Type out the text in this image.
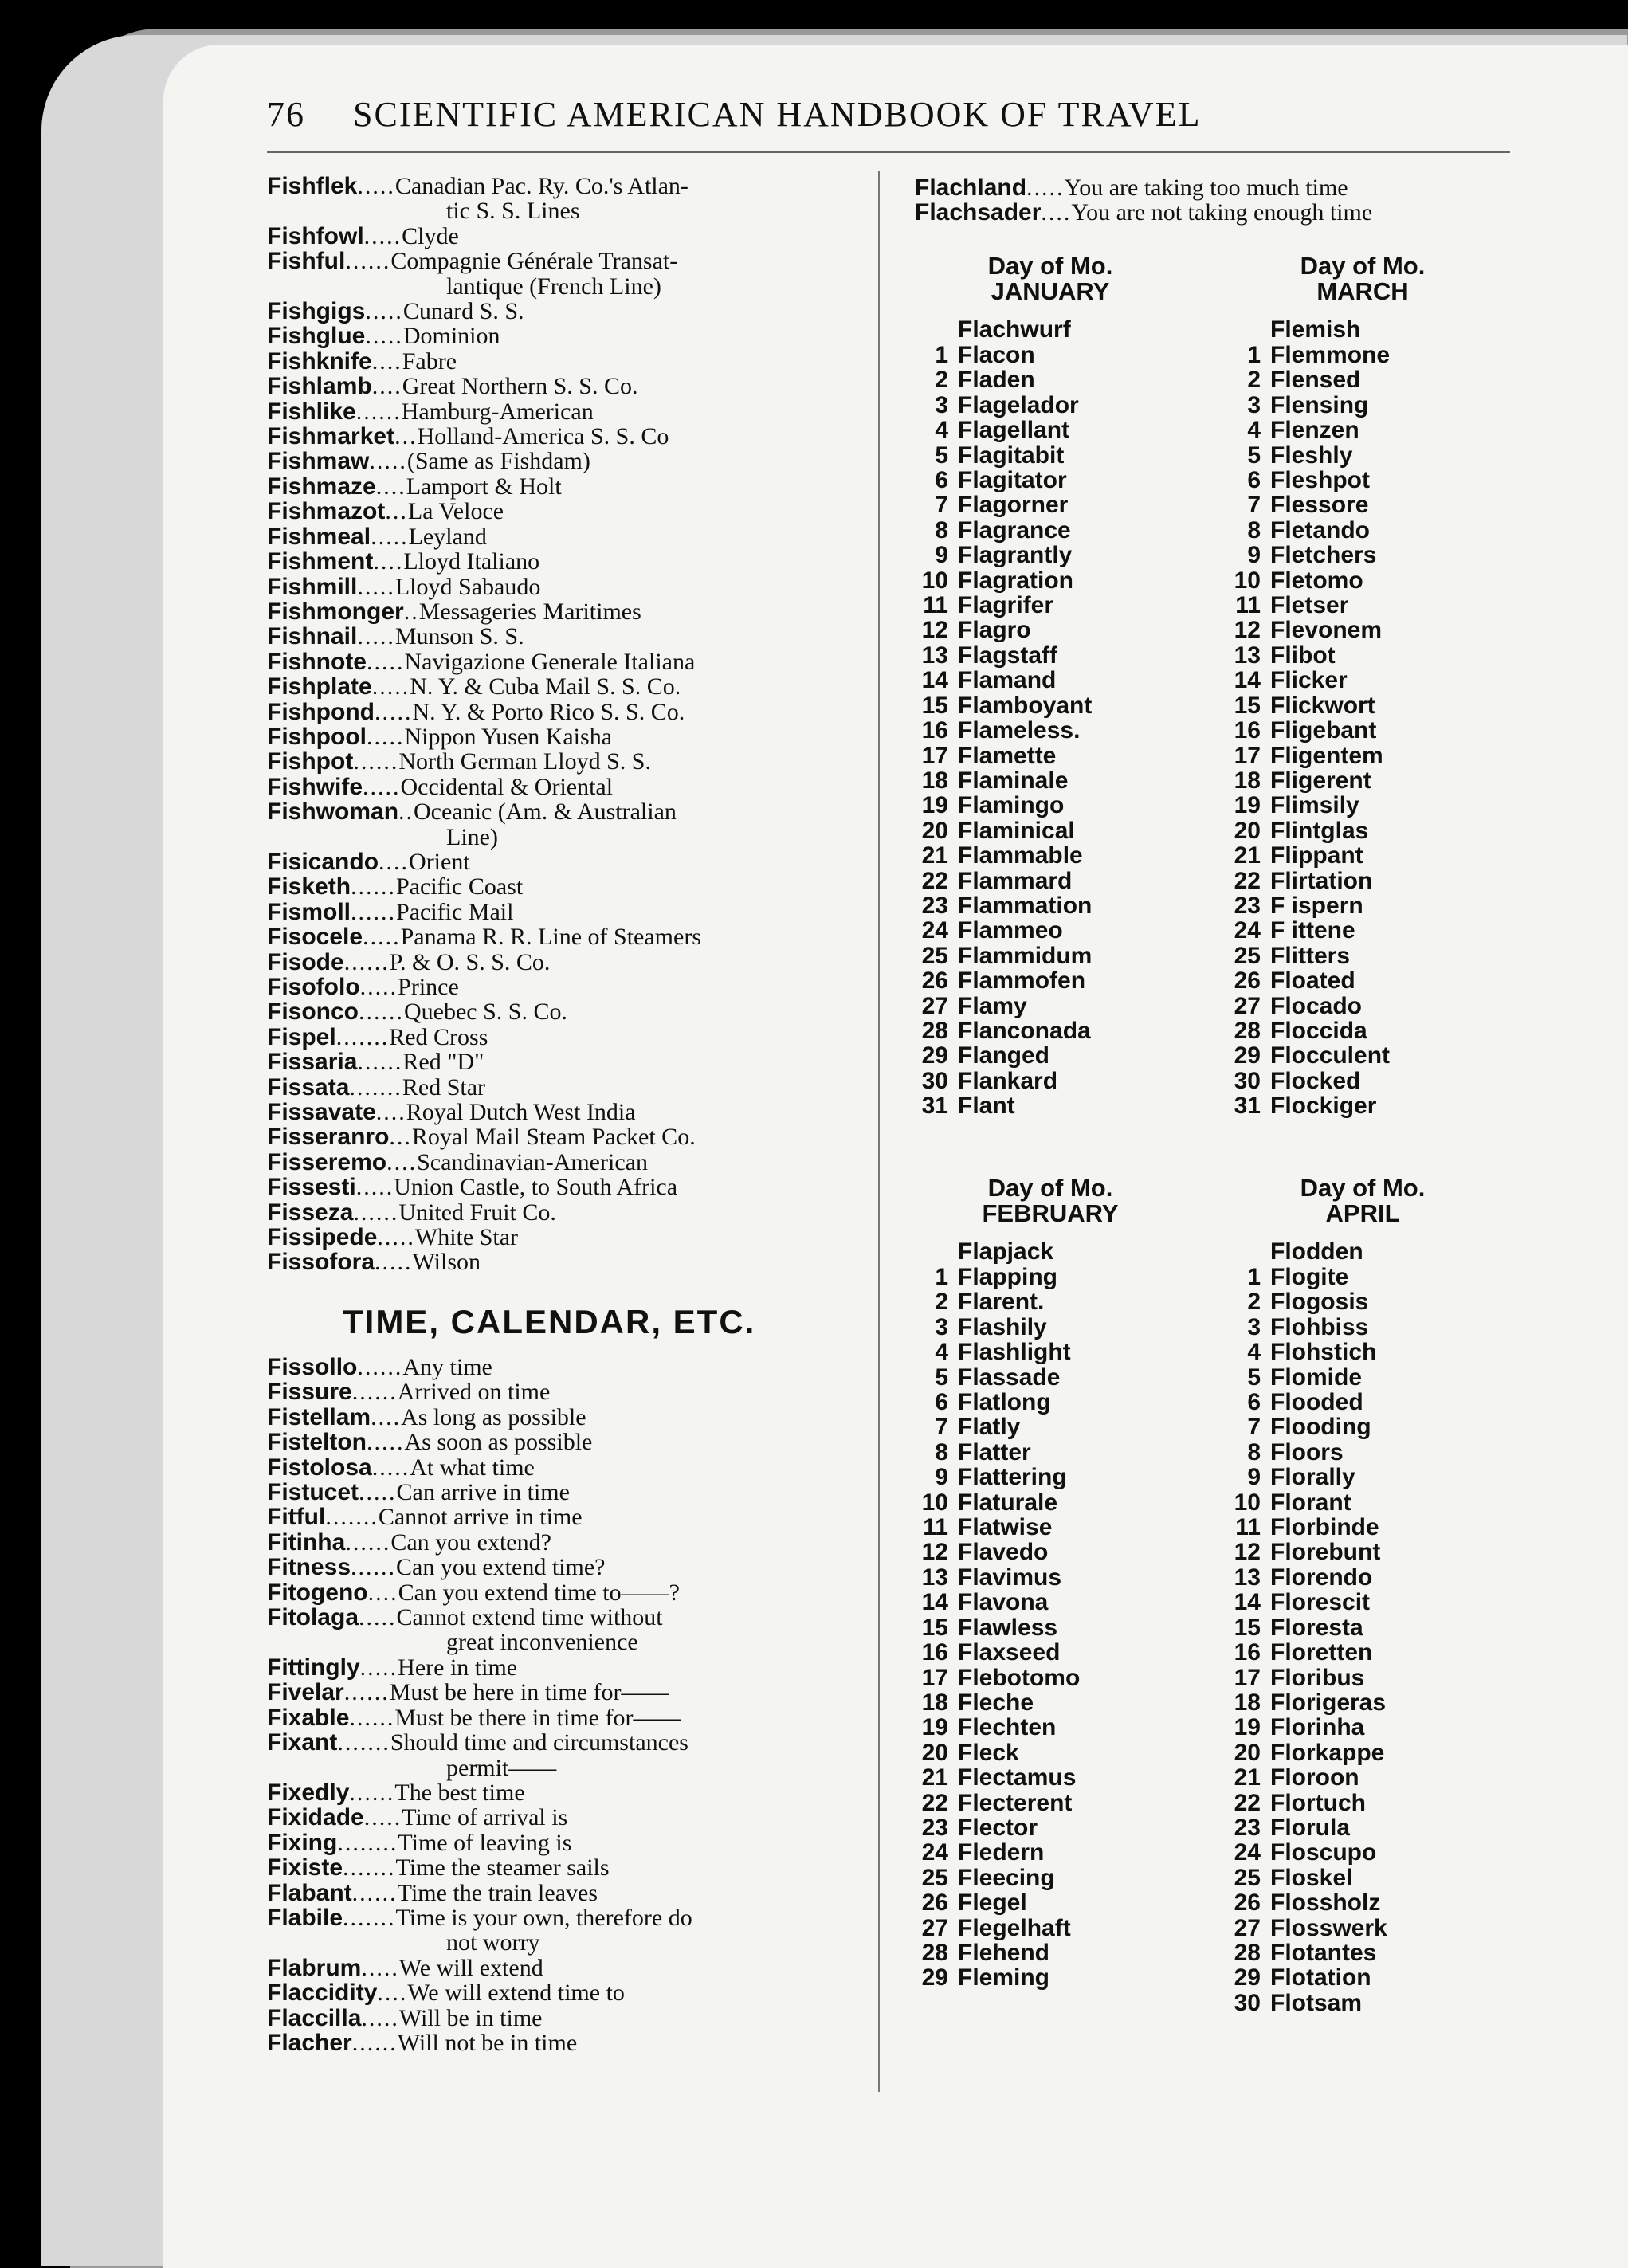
76 SCIENTIFIC AMERICAN HANDBOOK OF TRAVEL
Fishflek ..... Canadian Pac. Ry. Co.'s Atlan-
tic S. S. Lines
Fishfowl ..... Clyde
Fishful ...... Compagnie Générale Transat-
lantique (French Line)
Fishgigs ..... Cunard S. S.
Fishglue ..... Dominion
Fishknife .... Fabre
Fishlamb .... Great Northern S. S. Co.
Fishlike ...... Hamburg-American
Fishmarket ... Holland-America S. S. Co
Fishmaw ..... (Same as Fishdam)
Fishmaze .... Lamport & Holt
Fishmazot ... La Veloce
Fishmeal ..... Leyland
Fishment .... Lloyd Italiano
Fishmill ..... Lloyd Sabaudo
Fishmonger .. Messageries Maritimes
Fishnail ..... Munson S. S.
Fishnote ..... Navigazione Generale Italiana
Fishplate ..... N. Y. & Cuba Mail S. S. Co.
Fishpond ..... N. Y. & Porto Rico S. S. Co.
Fishpool ..... Nippon Yusen Kaisha
Fishpot ...... North German Lloyd S. S.
Fishwife ..... Occidental & Oriental
Fishwoman .. Oceanic (Am. & Australian
Line)
Fisicando .... Orient
Fisketh ...... Pacific Coast
Fismoll ...... Pacific Mail
Fisocele ..... Panama R. R. Line of Steamers
Fisode ...... P. & O. S. S. Co.
Fisofolo ..... Prince
Fisonco ...... Quebec S. S. Co.
Fispel ....... Red Cross
Fissaria ...... Red "D"
Fissata ....... Red Star
Fissavate .... Royal Dutch West India
Fisseranro ... Royal Mail Steam Packet Co.
Fisseremo .... Scandinavian-American
Fissesti ..... Union Castle, to South Africa
Fisseza ...... United Fruit Co.
Fissipede ..... White Star
Fissofora ..... Wilson
TIME, CALENDAR, ETC.
Fissollo ...... Any time
Fissure ...... Arrived on time
Fistellam .... As long as possible
Fistelton ..... As soon as possible
Fistolosa ..... At what time
Fistucet ..... Can arrive in time
Fitful ....... Cannot arrive in time
Fitinha ...... Can you extend?
Fitness ...... Can you extend time?
Fitogeno .... Can you extend time to——?
Fitolaga ..... Cannot extend time without
great inconvenience
Fittingly ..... Here in time
Fivelar ...... Must be here in time for——
Fixable ...... Must be there in time for——
Fixant ....... Should time and circumstances
permit——
Fixedly ...... The best time
Fixidade ..... Time of arrival is
Fixing ........ Time of leaving is
Fixiste ....... Time the steamer sails
Flabant ...... Time the train leaves
Flabile ....... Time is your own, therefore do
not worry
Flabrum ..... We will extend
Flaccidity .... We will extend time to
Flaccilla ..... Will be in time
Flacher ...... Will not be in time
Flachland ..... You are taking too much time
Flachsader .... You are not taking enough time
Day of Mo.
JANUARY
Flachwurf
1 Flacon
2 Fladen
3 Flagelador
4 Flagellant
5 Flagitabit
6 Flagitator
7 Flagorner
8 Flagrance
9 Flagrantly
10 Flagration
11 Flagrifer
12 Flagro
13 Flagstaff
14 Flamand
15 Flamboyant
16 Flameless.
17 Flamette
18 Flaminale
19 Flamingo
20 Flaminical
21 Flammable
22 Flammard
23 Flammation
24 Flammeo
25 Flammidum
26 Flammofen
27 Flamy
28 Flanconada
29 Flanged
30 Flankard
31 Flant
Day of Mo.
MARCH
Flemish
1 Flemmone
2 Flensed
3 Flensing
4 Flenzen
5 Fleshly
6 Fleshpot
7 Flessore
8 Fletando
9 Fletchers
10 Fletomo
11 Fletser
12 Flevonem
13 Flibot
14 Flicker
15 Flickwort
16 Fligebant
17 Fligentem
18 Fligerent
19 Flimsily
20 Flintglas
21 Flippant
22 Flirtation
23 F ispern
24 F ittene
25 Flitters
26 Floated
27 Flocado
28 Floccida
29 Flocculent
30 Flocked
31 Flockiger
Day of Mo.
FEBRUARY
Flapjack
1 Flapping
2 Flarent.
3 Flashily
4 Flashlight
5 Flassade
6 Flatlong
7 Flatly
8 Flatter
9 Flattering
10 Flaturale
11 Flatwise
12 Flavedo
13 Flavimus
14 Flavona
15 Flawless
16 Flaxseed
17 Flebotomo
18 Fleche
19 Flechten
20 Fleck
21 Flectamus
22 Flecterent
23 Flector
24 Fledern
25 Fleecing
26 Flegel
27 Flegelhaft
28 Flehend
29 Fleming
Day of Mo.
APRIL
Flodden
1 Flogite
2 Flogosis
3 Flohbiss
4 Flohstich
5 Flomide
6 Flooded
7 Flooding
8 Floors
9 Florally
10 Florant
11 Florbinde
12 Florebunt
13 Florendo
14 Florescit
15 Floresta
16 Floretten
17 Floribus
18 Florigeras
19 Florinha
20 Florkappe
21 Floroon
22 Flortuch
23 Florula
24 Floscupo
25 Floskel
26 Flossholz
27 Flosswerk
28 Flotantes
29 Flotation
30 Flotsam
